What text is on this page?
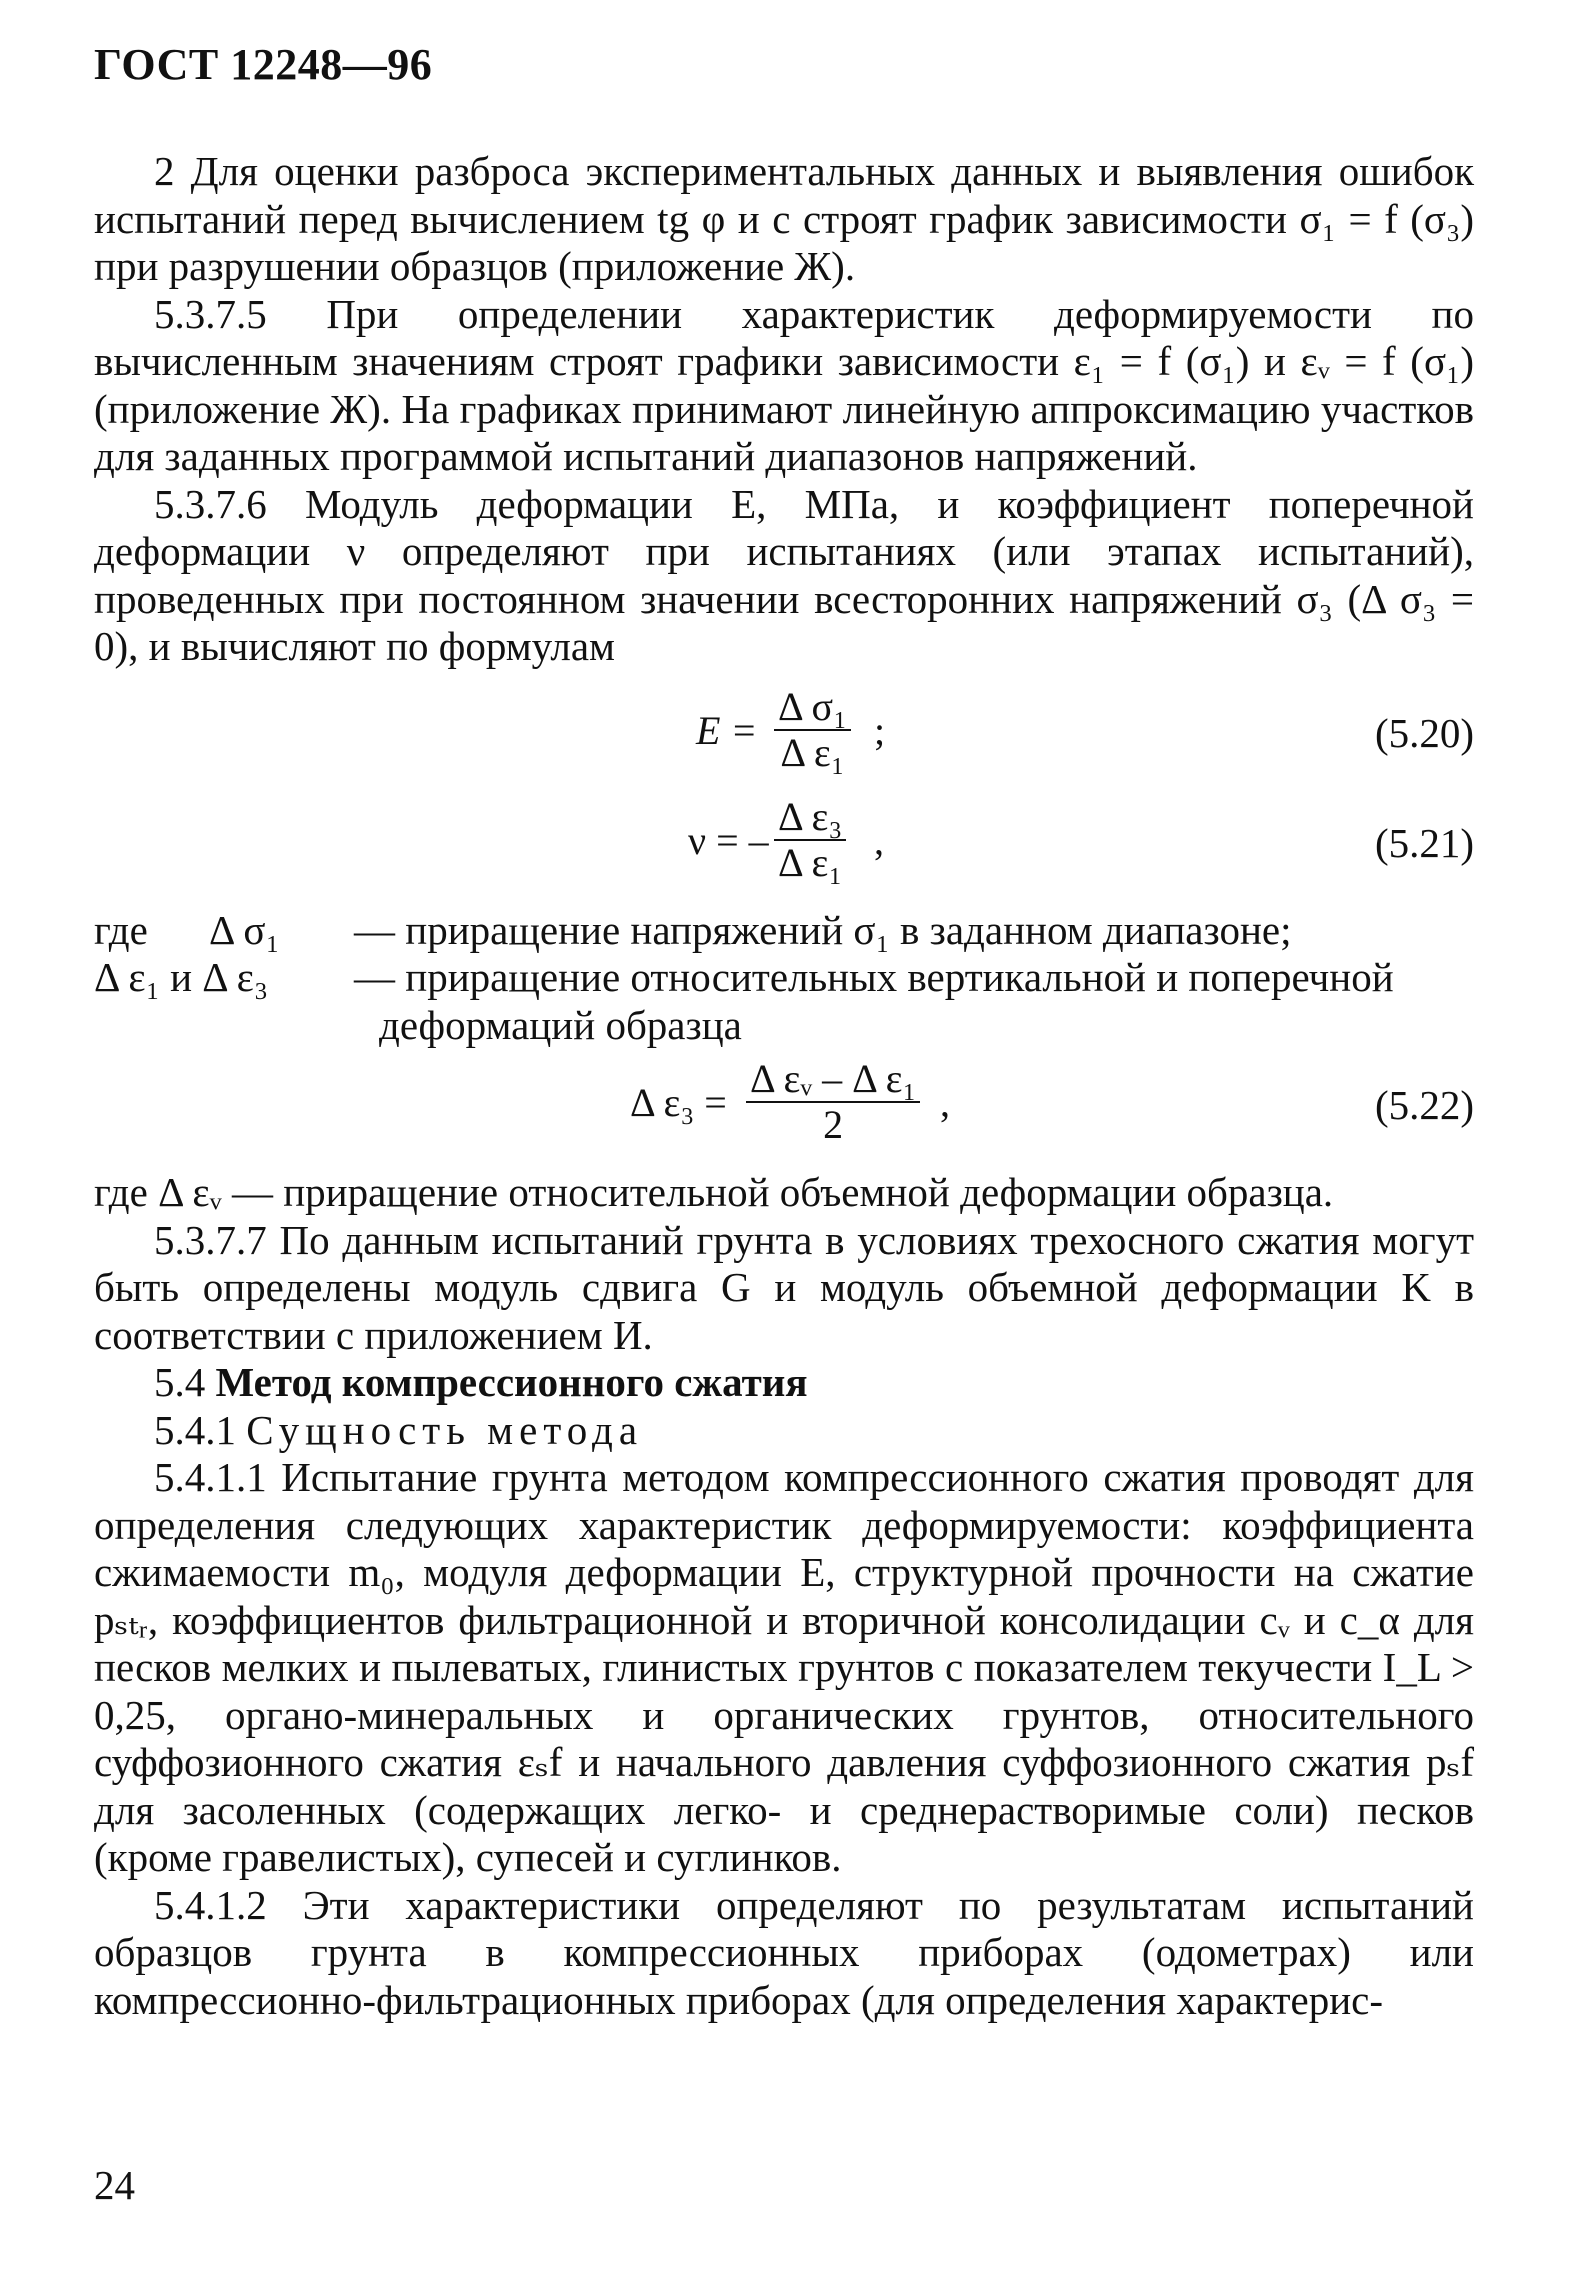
ГОСТ 12248—96

2 Для оценки разброса экспериментальных данных и выявления ошибок испытаний перед вычислением tg φ и c строят график зависимости σ₁ = f (σ₃) при разрушении образцов (приложение Ж).

5.3.7.5 При определении характеристик деформируемости по вычисленным значениям строят графики зависимости ε₁ = f (σ₁) и εᵥ = f (σ₁) (приложение Ж). На графиках принимают линейную аппроксимацию участков для заданных программой испытаний диапазонов напряжений.

5.3.7.6 Модуль деформации E, МПа, и коэффициент поперечной деформации ν определяют при испытаниях (или этапах испытаний), проведенных при постоянном значении всесторонних напряжений σ₃ (Δ σ₃ = 0), и вычисляют по формулам

$E = \frac{\text{Δ σ₁}}{\text{Δ ε₁}}$ ;	(5.20)
ν = – $\frac{\text{Δ ε₃}}{\text{Δ ε₁}}$ ,	(5.21)
где Δ σ₁ — приращение напряжений σ₁ в заданном диапазоне;
Δ ε₁ и Δ ε₃ — приращение относительных вертикальной и поперечной
деформаций образца
Δ $\varepsilon_3 = \frac{\text{Δ εᵥ – Δ ε₁}}{2}$ ,	(5.22)

где Δ εᵥ — приращение относительной объемной деформации образца.

5.3.7.7 По данным испытаний грунта в условиях трехосного сжатия могут быть определены модуль сдвига G и модуль объемной деформации K в соответствии с приложением И.

5.4 Метод компрессионного сжатия

5.4.1 Сущность метода

5.4.1.1 Испытание грунта методом компрессионного сжатия проводят для определения следующих характеристик деформируемости: коэффициента сжимаемости m₀, модуля деформации E, структурной прочности на сжатие pₛₜᵣ, коэффициентов фильтрационной и вторичной консолидации cᵥ и c_α для песков мелких и пылеватых, глинистых грунтов с показателем текучести I_L > 0,25, органо-минеральных и органических грунтов, относительного суффозионного сжатия εₛf и начального давления суффозионного сжатия pₛf для засоленных (содержащих легко- и среднерастворимые соли) песков (кроме гравелистых), супесей и суглинков.

5.4.1.2 Эти характеристики определяют по результатам испытаний образцов грунта в компрессионных приборах (одометрах) или компрессионно-фильтрационных приборах (для определения характерис-

24
